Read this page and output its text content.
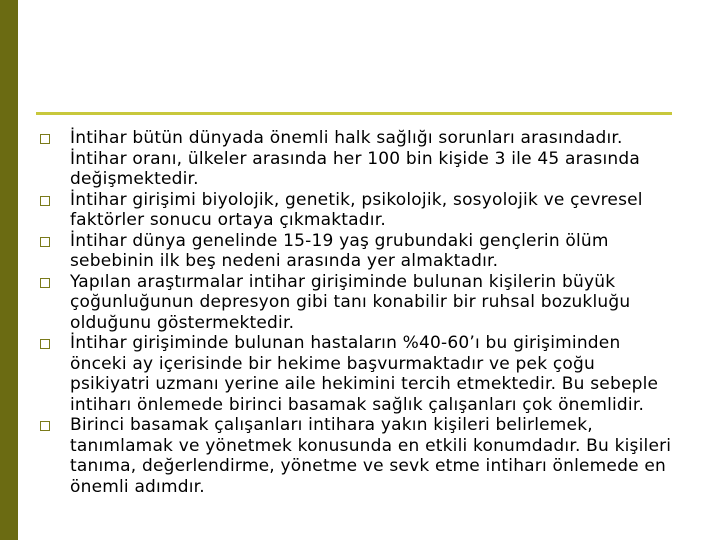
İntihar bütün dünyada önemli halk sağlığı sorunları arasındadır. İntihar oranı, ülkeler arasında her 100 bin kişide 3 ile 45 arasında değişmektedir.
İntihar girişimi biyolojik, genetik, psikolojik, sosyolojik ve çevresel faktörler sonucu ortaya çıkmaktadır.
İntihar dünya genelinde 15-19 yaş grubundaki gençlerin ölüm sebebinin ilk beş nedeni arasında yer almaktadır.
Yapılan araştırmalar intihar girişiminde bulunan kişilerin büyük çoğunluğunun depresyon gibi tanı konabilir bir ruhsal bozukluğu olduğunu göstermektedir.
İntihar girişiminde bulunan hastaların %40-60’ı bu girişiminden önceki ay içerisinde bir hekime başvurmaktadır ve pek çoğu psikiyatri uzmanı yerine aile hekimini tercih etmektedir. Bu sebeple intiharı önlemede birinci basamak sağlık çalışanları çok önemlidir.
Birinci basamak çalışanları intihara yakın kişileri belirlemek, tanımlamak ve yönetmek konusunda en etkili konumdadır. Bu kişileri tanıma, değerlendirme, yönetme ve sevk etme intiharı önlemede en önemli adımdır.
